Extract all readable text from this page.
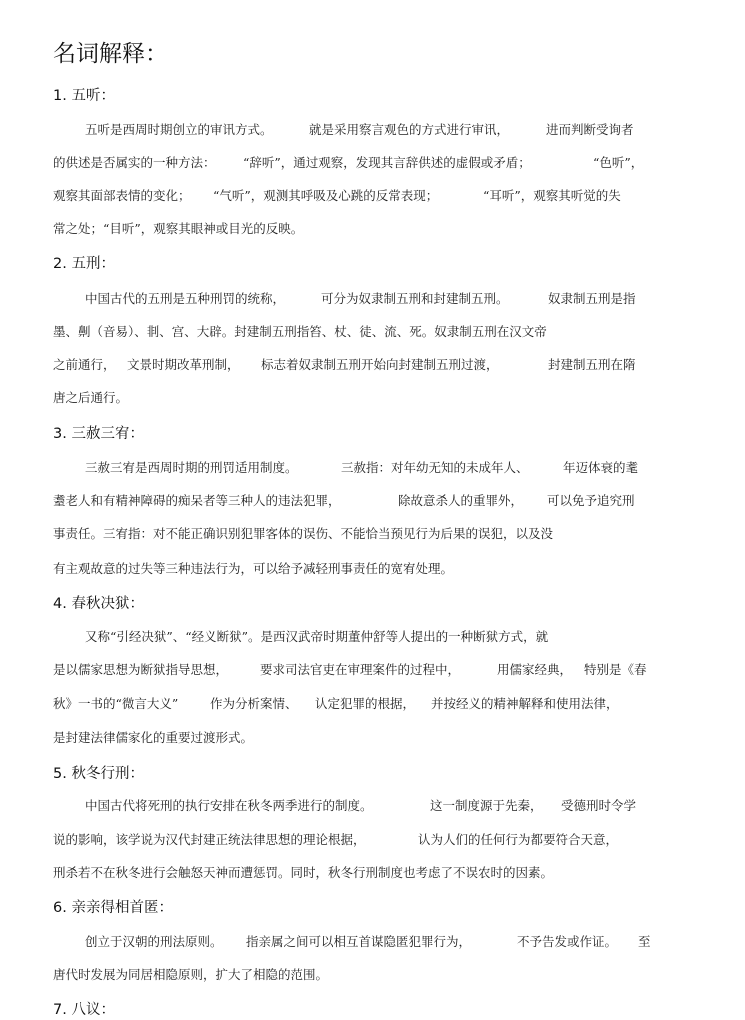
名词解释：
1. 五听：
五听是西周时期创立的审讯方式。	就是采用察言观色的方式进行审讯，	进而判断受询者
的供述是否属实的一种方法： “辞听”，通过观察，发现其言辞供述的虚假或矛盾；	“色听”，
观察其面部表情的变化； “气听”，观测其呼吸及心跳的反常表现；	“耳听”，观察其听觉的失
常之处；“目听”，观察其眼神或目光的反映。
2. 五刑：
中国古代的五刑是五种刑罚的统称，	可分为奴隶制五刑和封建制五刑。	奴隶制五刑是指
墨、劓（音易）、剕、宫、大辟。封建制五刑指笞、杖、徒、流、死。奴隶制五刑在汉文帝
之前通行， 文景时期改革刑制， 标志着奴隶制五刑开始向封建制五刑过渡，	封建制五刑在隋
唐之后通行。
3. 三赦三宥：
三赦三宥是西周时期的刑罚适用制度。	三赦指：对年幼无知的未成年人、	年迈体衰的耄
耋老人和有精神障碍的痴呆者等三种人的违法犯罪，	除故意杀人的重罪外， 可以免予追究刑
事责任。三宥指：对不能正确识别犯罪客体的误伤、不能恰当预见行为后果的误犯，以及没
有主观故意的过失等三种违法行为，可以给予减轻刑事责任的宽宥处理。
4. 春秋决狱：
又称“引经决狱”、“经义断狱”。是西汉武帝时期董仲舒等人提出的一种断狱方式，就
是以儒家思想为断狱指导思想，	要求司法官吏在审理案件的过程中，	用儒家经典， 特别是《春
秋》一书的“微言大义”	作为分析案情、 认定犯罪的根据， 并按经义的精神解释和使用法律，
是封建法律儒家化的重要过渡形式。
5. 秋冬行刑：
中国古代将死刑的执行安排在秋冬两季进行的制度。	这一制度源于先秦， 受德刑时令学
说的影响，该学说为汉代封建正统法律思想的理论根据，	认为人们的任何行为都要符合天意，
刑杀若不在秋冬进行会触怒天神而遭惩罚。同时，秋冬行刑制度也考虑了不误农时的因素。
6. 亲亲得相首匿：
创立于汉朝的刑法原则。 指亲属之间可以相互首谋隐匿犯罪行为，	不予告发或作证。 至
唐代时发展为同居相隐原则，扩大了相隐的范围。
7. 八议：
